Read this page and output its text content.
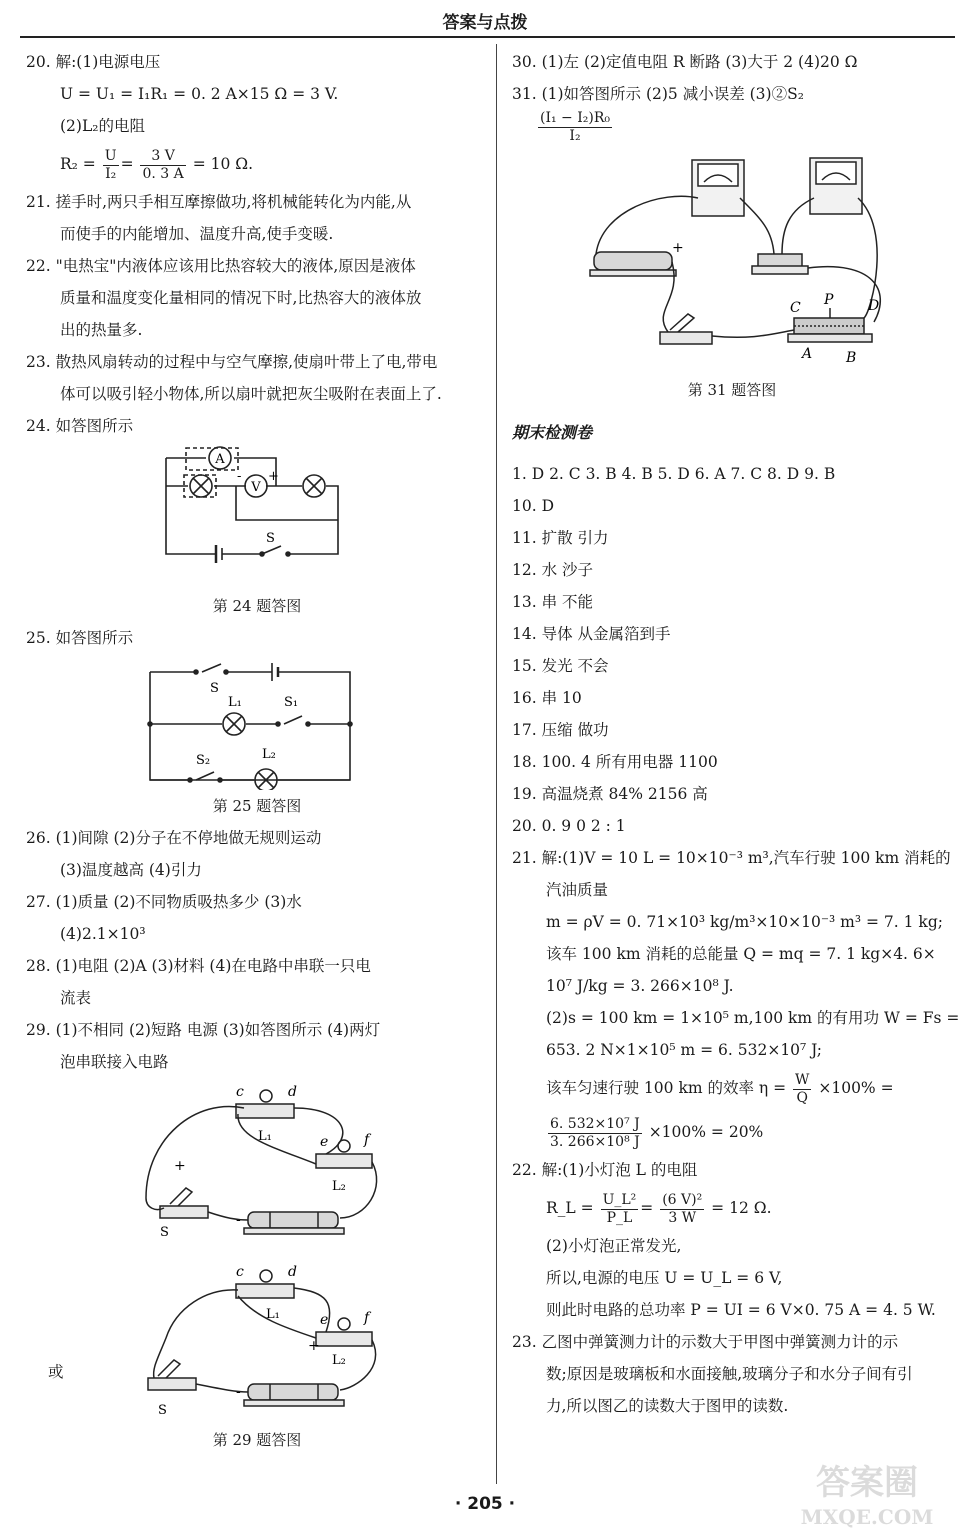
答案与点拨
20. 解:(1)电源电压
U = U₁ = I₁R₁ = 0. 2 A×15 Ω = 3 V.
(2)L₂的电阻
$R_2 = \frac{U}{\text{I₂}} = \frac{3 V}{0. 3 A} = 10$ Ω.
21. 搓手时,两只手相互摩擦做功,将机械能转化为内能,从
而使手的内能增加、温度升高,使手变暖.
22. "电热宝"内液体应该用比热容较大的液体,原因是液体
质量和温度变化量相同的情况下时,比热容大的液体放
出的热量多.
23. 散热风扇转动的过程中与空气摩擦,使扇叶带上了电,带电
体可以吸引轻小物体,所以扇叶就把灰尘吸附在表面上了.
24. 如答图所示
A
V
- +
S
第 24 题答图
25. 如答图所示
S
L₁	S₁
S₂	L₂
第 25 题答图
26. (1)间隙 (2)分子在不停地做无规则运动
(3)温度越高 (4)引力
27. (1)质量 (2)不同物质吸热多少 (3)水
(4)2.1×10³
28. (1)电阻 (2)A (3)材料 (4)在电路中串联一只电
流表
29. (1)不相同 (2)短路 电源 (3)如答图所示 (4)两灯
泡串联接入电路
c	d
L₁	e	f
L₂
S
+
-
c	d
L₁	e	f
L₂
S
+
-
第 29 题答图
或
30. (1)左 (2)定值电阻 R 断路 (3)大于 2 (4)20 Ω
31. (1)如答图所示 (2)5 减小误差 (3)②S₂
$\frac{\text{(I₁ − I₂)R₀}}{\text{I₂}}$
+
C P D
A B
第 31 题答图
期末检测卷
1. D 2. C 3. B 4. B 5. D 6. A 7. C 8. D 9. B
10. D
11. 扩散 引力
12. 水 沙子
13. 串 不能
14. 导体 从金属箔到手
15. 发光 不会
16. 串 10
17. 压缩 做功
18. 100. 4 所有用电器 1100
19. 高温烧煮 84% 2156 高
20. 0. 9 0 2 : 1
21. 解:(1)V = 10 L = 10×10⁻³ m³,汽车行驶 100 km 消耗的
汽油质量
m = ρV = 0. 71×10³ kg/m³×10×10⁻³ m³ = 7. 1 kg;
该车 100 km 消耗的总能量 Q = mq = 7. 1 kg×4. 6×
10⁷ J/kg = 3. 266×10⁸ J.
(2)s = 100 km = 1×10⁵ m,100 km 的有用功 W = Fs =
653. 2 N×1×10⁵ m = 6. 532×10⁷ J;
该车匀速行驶 100 km 的效率 $\eta = \frac{W}{Q} \times 100\%$ =
$\frac{\text{6. 532×10⁷ J}}{\text{3. 266×10⁸ J}} \times 100\% = 20\%$
22. 解:(1)小灯泡 L 的电阻
R_L = $\frac{\text{U\_L²}}{P\_L} = \frac{\text{(6 V)²}}{3 W} = 12$ Ω.
(2)小灯泡正常发光,
所以,电源的电压 U = U_L = 6 V,
则此时电路的总功率 P = UI = 6 V×0. 75 A = 4. 5 W.
23. 乙图中弹簧测力计的示数大于甲图中弹簧测力计的示
数;原因是玻璃板和水面接触,玻璃分子和水分子间有引
力,所以图乙的读数大于图甲的读数.
· 205 ·
答案圈
MXQE.COM
